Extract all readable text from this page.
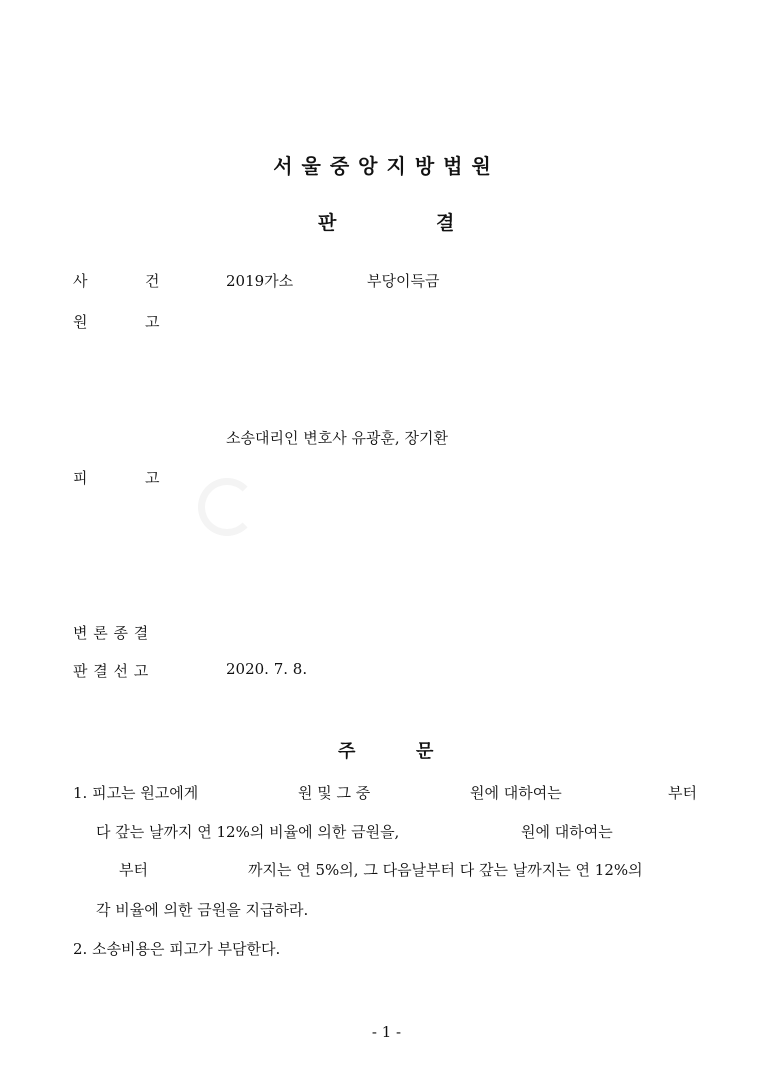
서울중앙지방법원
판	결
사	건	2019가소	부당이득금
원	고
소송대리인 변호사 유광훈, 장기환
피	고
변 론 종 결
판 결 선 고	2020. 7. 8.
주	문
1. 피고는 원고에게	원 및 그 중	원에 대하여는	부터
다 갚는 날까지 연 12%의 비율에 의한 금원을,	원에 대하여는
부터	까지는 연 5%의, 그 다음날부터 다 갚는 날까지는 연 12%의
각 비율에 의한 금원을 지급하라.
2. 소송비용은 피고가 부담한다.
- 1 -
